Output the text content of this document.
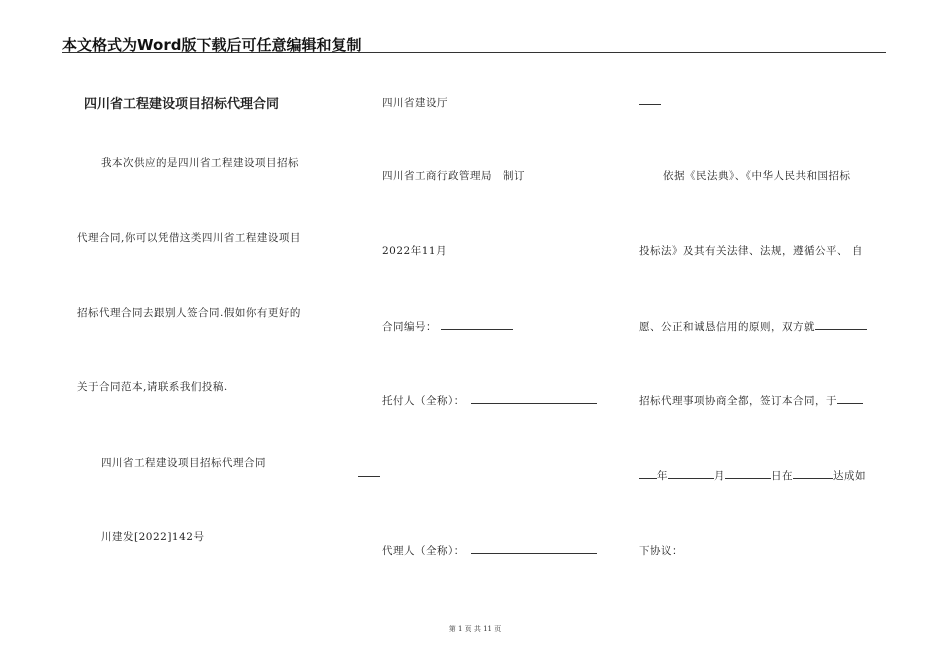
本文格式为Word版下载后可任意编辑和复制
四川省工程建设项目招标代理合同
我本次供应的是四川省工程建设项目招标
代理合同,你可以凭借这类四川省工程建设项目
招标代理合同去跟别人签合同.假如你有更好的
关于合同范本,请联系我们投稿.
四川省工程建设项目招标代理合同
川建发[2022]142号
四川省建设厅
四川省工商行政管理局　制订
2022年11月
合同编号：
托付人（全称）：
代理人（全称）：
依据《民法典》、《中华人民共和国招标
投标法》及其有关法律、法规，遵循公平、 自
愿、公正和诚恳信用的原则，双方就
招标代理事项协商全都，签订本合同，于
年	月	日在	达成如
下协议：
第 1 页 共 11 页
